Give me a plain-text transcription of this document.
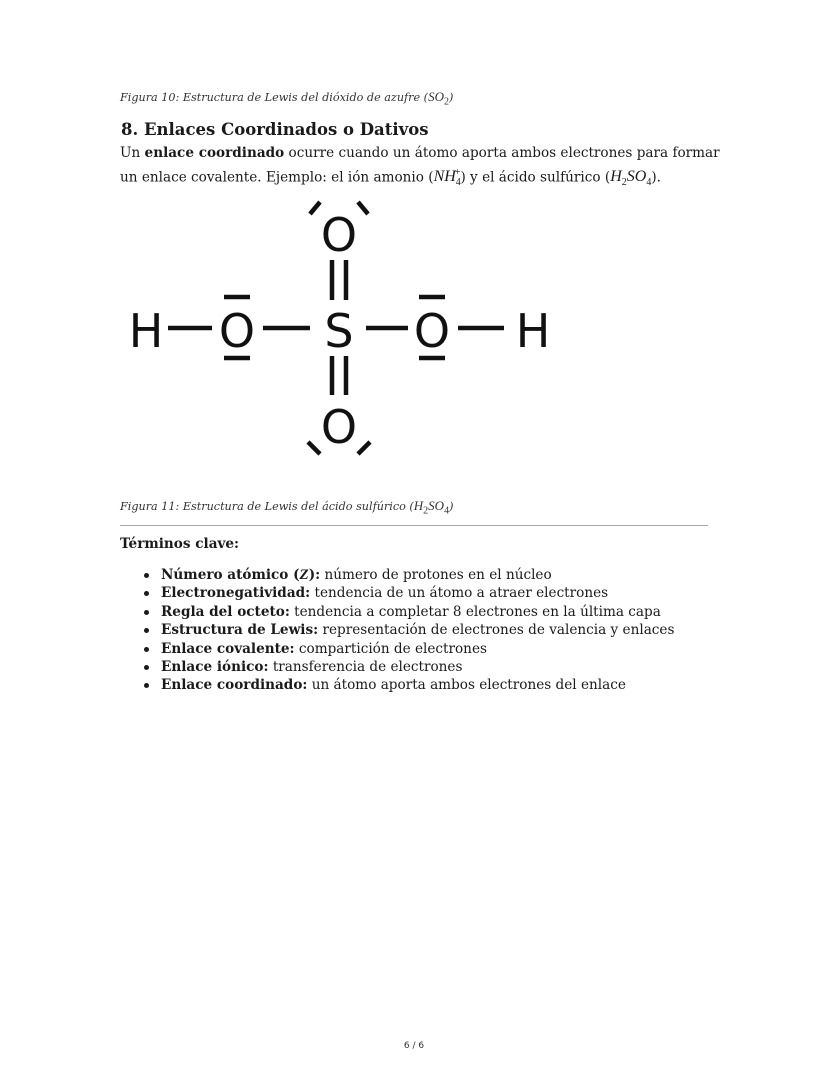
Figura 10: Estructura de Lewis del dióxido de azufre $(SO_2)$
8. Enlaces Coordinados o Dativos

Un enlace coordinado ocurre cuando un átomo aporta ambos electrones para formar un enlace covalente. Ejemplo: el ión amonio $(NH_4^+)$ y el ácido sulfúrico $(H_2SO_4)$.

H O S O H
O
O
Figura 11: Estructura de Lewis del ácido sulfúrico $(H_2SO_4)$
Términos clave:
Número atómico (Z): número de protones en el núcleo
Electronegatividad: tendencia de un átomo a atraer electrones
Regla del octeto: tendencia a completar 8 electrones en la última capa
Estructura de Lewis: representación de electrones de valencia y enlaces
Enlace covalente: compartición de electrones
Enlace iónico: transferencia de electrones
Enlace coordinado: un átomo aporta ambos electrones del enlace
6 / 6
